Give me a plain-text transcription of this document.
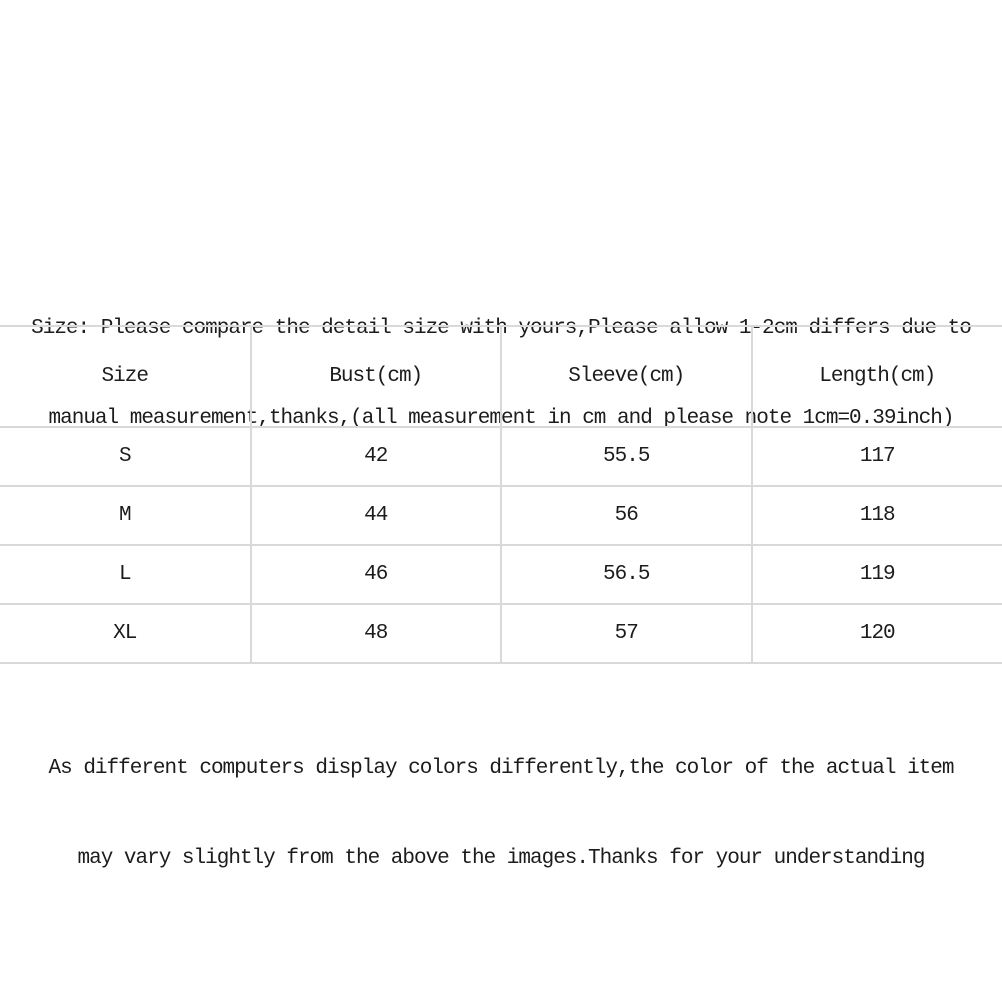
Size: Please compare the detail size with yours,Please allow 1-2cm differs due to

manual measurement,thanks,(all measurement in cm and please note 1cm=0.39inch)

Size	Bust(cm)	Sleeve(cm)	Length(cm)
S	42	55.5	117
M	44	56	118
L	46	56.5	119
XL	48	57	120

As different computers display colors differently,the color of the actual item

may vary slightly from the above the images.Thanks for your understanding
